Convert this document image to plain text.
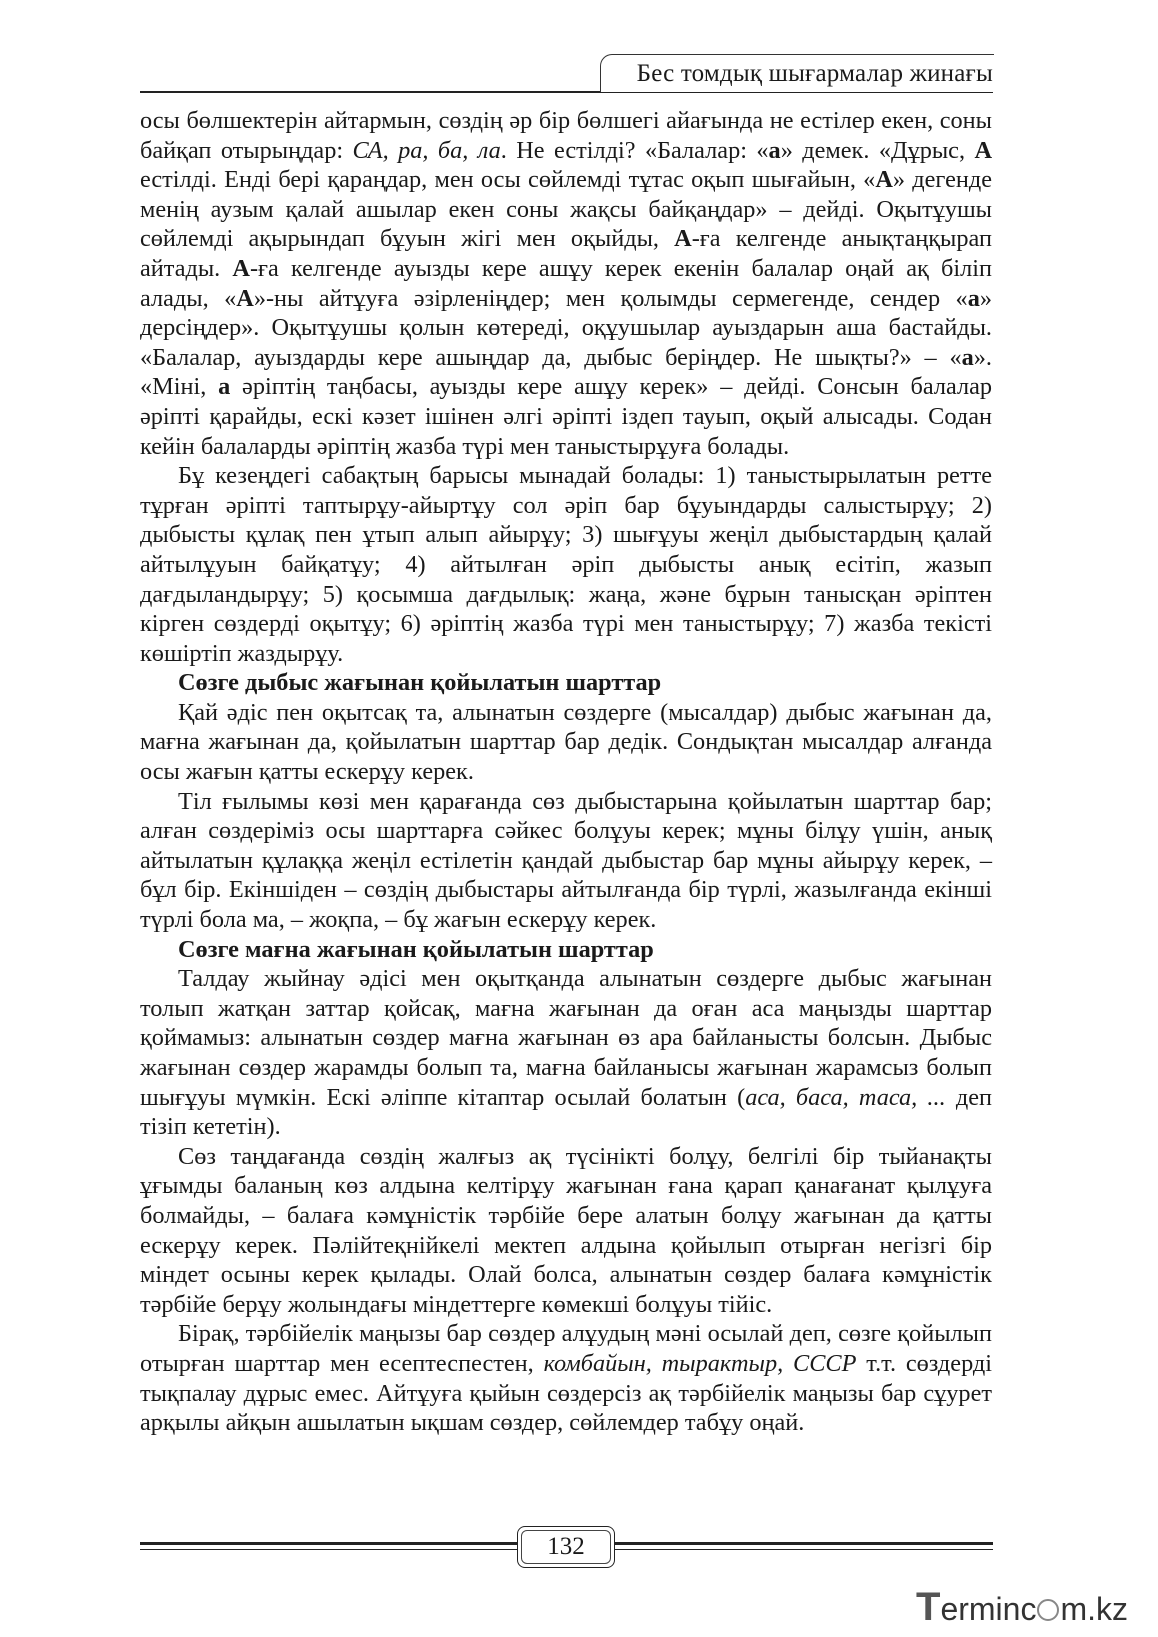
Бес томдық шығармалар жинағы

осы бөлшектерін айтармын, сөздің әр бір бөлшегі айағында не естілер екен, соны байқап отырыңдар: СА, ра, ба, ла. Не естілді? «Балалар: «а» демек. «Дұрыс, А естілді. Енді бері қараңдар, мен осы сөйлемді тұтас оқып шығайын, «А» дегенде менің аузым қалай ашылар екен соны жақсы байқаңдар» – дейді. Оқытұушы сөйлемді ақырындап бұуын жігі мен оқыйды, А-ға келгенде анықтаңқырап айтады. А-ға келгенде ауызды кере ашұу керек екенін балалар оңай ақ біліп алады, «А»-ны айтұуға әзірленіңдер; мен қолымды сермегенде, сендер «а» дерсіңдер». Оқытұушы қолын көтереді, оқұушылар ауыздарын аша бастайды. «Балалар, ауыздарды кере ашыңдар да, дыбыс беріңдер. Не шықты?» – «а». «Міні, а әріптің таңбасы, ауызды кере ашұу керек» – дейді. Сонсын балалар әріпті қарайды, ескі кәзет ішінен әлгі әріпті іздеп тауып, оқый алысады. Содан кейін балаларды әріптің жазба түрі мен таныстырұуға болады.

Бұ кезеңдегі сабақтың барысы мынадай болады: 1) таныстырылатын ретте тұрған әріпті таптырұу-айыртұу сол әріп бар бұуындарды салыстырұу; 2) дыбысты құлақ пен ұтып алып айырұу; 3) шығұуы жеңіл дыбыстардың қалай айтылұуын байқатұу; 4) айтылған әріп дыбысты анық есітіп, жазып дағдыландырұу; 5) қосымша дағдылық: жаңа, және бұрын танысқан әріптен кірген сөздерді оқытұу; 6) әріптің жазба түрі мен таныстырұу; 7) жазба текісті көшіртіп жаздырұу.

Сөзге дыбыс жағынан қойылатын шарттар

Қай әдіс пен оқытсақ та, алынатын сөздерге (мысалдар) дыбыс жағынан да, мағна жағынан да, қойылатын шарттар бар дедік. Сондықтан мысалдар алғанда осы жағын қатты ескерұу керек.

Тіл ғылымы көзі мен қарағанда сөз дыбыстарына қойылатын шарттар бар; алған сөздеріміз осы шарттарға сәйкес болұуы керек; мұны білұу үшін, анық айтылатын құлаққа жеңіл естілетін қандай дыбыстар бар мұны айырұу керек, – бұл бір. Екіншіден – сөздің дыбыстары айтылғанда бір түрлі, жазылғанда екінші түрлі бола ма, – жоқпа, – бұ жағын ескерұу керек.

Сөзге мағна жағынан қойылатын шарттар

Талдау жыйнау әдісі мен оқытқанда алынатын сөздерге дыбыс жағынан толып жатқан заттар қойсақ, мағна жағынан да оған аса маңызды шарттар қоймамыз: алынатын сөздер мағна жағынан өз ара байланысты болсын. Дыбыс жағынан сөздер жарамды болып та, мағна байланысы жағынан жарамсыз болып шығұуы мүмкін. Ескі әліппе кітаптар осылай болатын (аса, баса, таса, ... деп тізіп кететін).

Сөз таңдағанда сөздің жалғыз ақ түсінікті болұу, белгілі бір тыйанақты ұғымды баланың көз алдына келтірұу жағынан ғана қарап қанағанат қылұуға болмайды, – балаға кәмұністік тәрбійе бере алатын болұу жағынан да қатты ескерұу керек. Пәлійтеқнійкелі мектеп алдына қойылып отырған негізгі бір міндет осыны керек қылады. Олай болса, алынатын сөздер балаға кәмұністік тәрбійе берұу жолындағы міндеттерге көмекші болұуы тійіс.

Бірақ, тәрбійелік маңызы бар сөздер алұудың мәні осылай деп, сөзге қойылып отырған шарттар мен есептеспестен, комбайын, тырактыр, СССР т.т. сөздерді тықпалау дұрыс емес. Айтұуға қыйын сөздерсіз ақ тәрбійелік маңызы бар сұурет арқылы айқын ашылатын ықшам сөздер, сөйлемдер табұу оңай.

132
Terminc m.kz
